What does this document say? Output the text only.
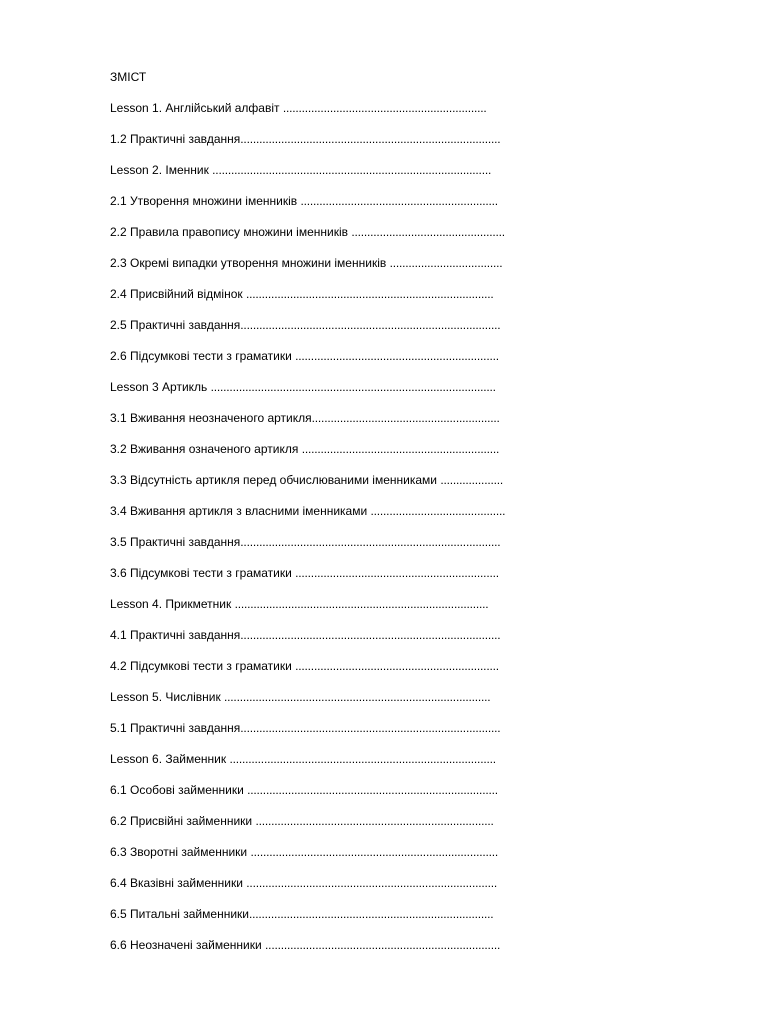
ЗМІСТ
Lesson 1. Англійський алфавіт .................................................................
1.2 Практичні завдання...................................................................................
Lesson 2. Іменник .........................................................................................
2.1 Утворення множини іменників ...............................................................
2.2 Правила правопису множини іменників .................................................
2.3 Окремі випадки утворення множини іменників ....................................
2.4 Присвійний відмінок ...............................................................................
2.5 Практичні завдання...................................................................................
2.6 Підсумкові тести з граматики .................................................................
Lesson 3 Артикль ...........................................................................................
3.1 Вживання неозначеного артикля............................................................
3.2 Вживання означеного артикля ...............................................................
3.3 Відсутність артикля перед обчислюваними іменниками ....................
3.4 Вживання артикля з власними іменниками ...........................................
3.5 Практичні завдання...................................................................................
3.6 Підсумкові тести з граматики .................................................................
Lesson 4. Прикметник .................................................................................
4.1 Практичні завдання...................................................................................
4.2 Підсумкові тести з граматики .................................................................
Lesson 5. Числівник .....................................................................................
5.1 Практичні завдання...................................................................................
Lesson 6. Займенник .....................................................................................
6.1 Особові займенники ................................................................................
6.2 Присвійні займенники ............................................................................
6.3 Зворотні займенники ...............................................................................
6.4 Вказівні займенники ................................................................................
6.5 Питальні займенники..............................................................................
6.6 Неозначені займенники ...........................................................................
